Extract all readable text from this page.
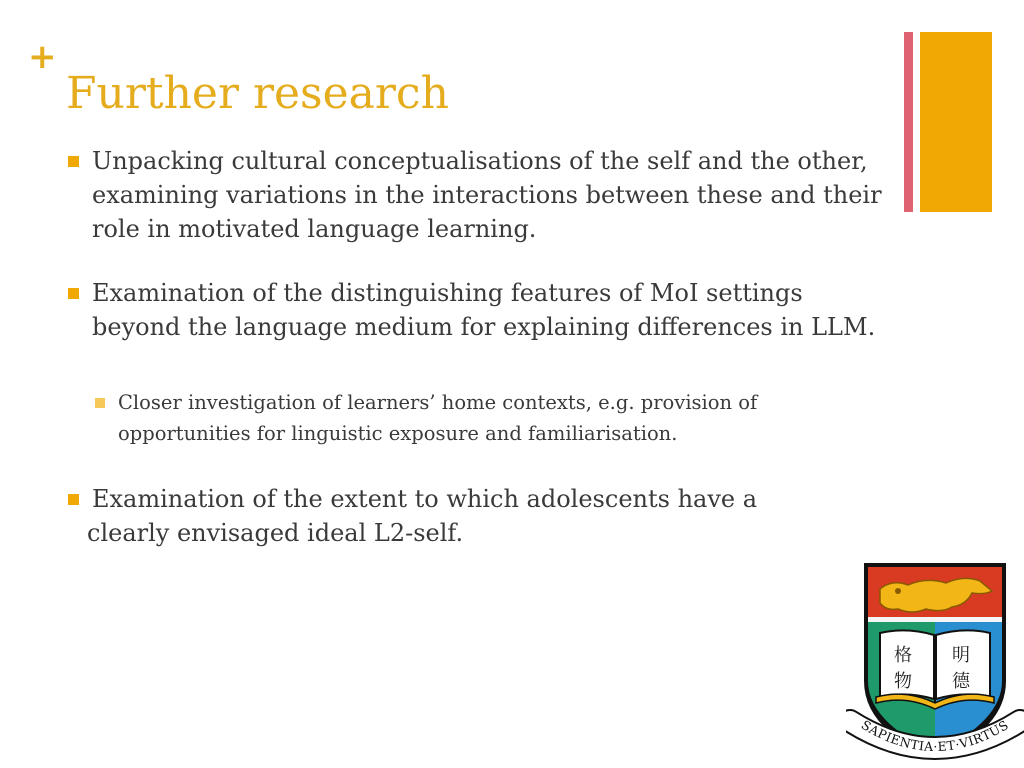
+
Further research
Unpacking cultural conceptualisations of the self and the other, examining variations in the interactions between these and their role in motivated language learning.
Examination of the distinguishing features of MoI settings beyond the language medium for explaining differences in LLM.
Closer investigation of learners’ home contexts, e.g. provision of opportunities for linguistic exposure and familiarisation.
Examination of the extent to which adolescents have a
clearly envisaged ideal L2-self.
格
物
明
德
SAPIENTIA·ET·VIRTUS
